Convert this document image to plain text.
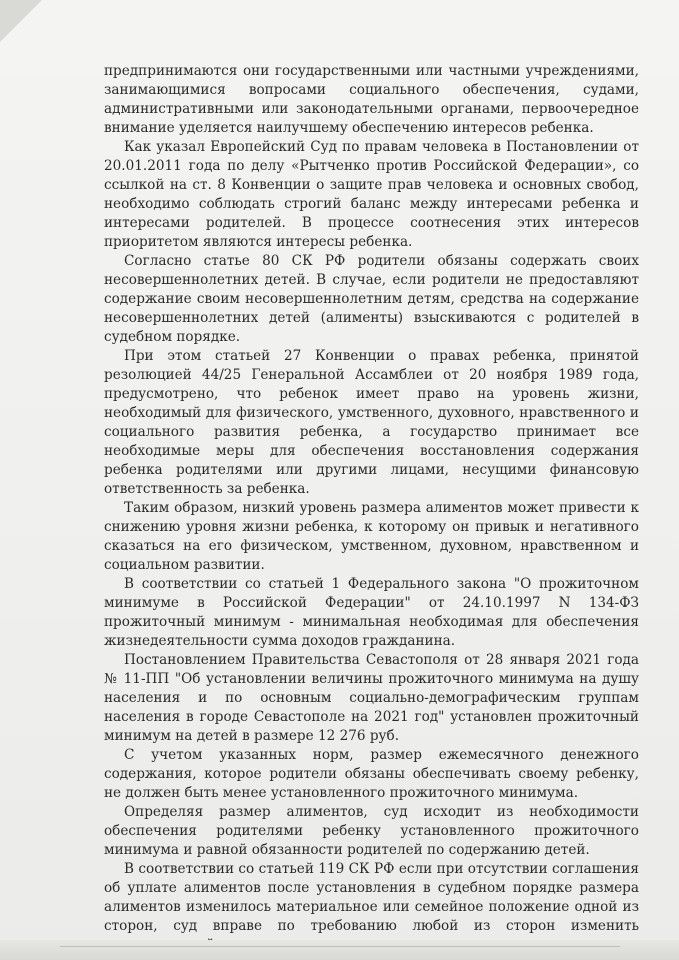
предпринимаются они государственными или частными учреждениями, занимающимися вопросами социального обеспечения, судами, административными или законодательными органами, первоочередное внимание уделяется наилучшему обеспечению интересов ребенка.

Как указал Европейский Суд по правам человека в Постановлении от 20.01.2011 года по делу «Рытченко против Российской Федерации», со ссылкой на ст. 8 Конвенции о защите прав человека и основных свобод, необходимо соблюдать строгий баланс между интересами ребенка и интересами родителей. В процессе соотнесения этих интересов приоритетом являются интересы ребенка.

Согласно статье 80 СК РФ родители обязаны содержать своих несовершеннолетних детей. В случае, если родители не предоставляют содержание своим несовершеннолетним детям, средства на содержание несовершеннолетних детей (алименты) взыскиваются с родителей в судебном порядке.

При этом статьей 27 Конвенции о правах ребенка, принятой резолюцией 44/25 Генеральной Ассамблеи от 20 ноября 1989 года, предусмотрено, что ребенок имеет право на уровень жизни, необходимый для физического, умственного, духовного, нравственного и социального развития ребенка, а государство принимает все необходимые меры для обеспечения восстановления содержания ребенка родителями или другими лицами, несущими финансовую ответственность за ребенка.

Таким образом, низкий уровень размера алиментов может привести к снижению уровня жизни ребенка, к которому он привык и негативного сказаться на его физическом, умственном, духовном, нравственном и социальном развитии.

В соответствии со статьей 1 Федерального закона "О прожиточном минимуме в Российской Федерации" от 24.10.1997 N 134-ФЗ прожиточный минимум - минимальная необходимая для обеспечения жизнедеятельности сумма доходов гражданина.

Постановлением Правительства Севастополя от 28 января 2021 года № 11-ПП "Об установлении величины прожиточного минимума на душу населения и по основным социально-демографическим группам населения в городе Севастополе на 2021 год" установлен прожиточный минимум на детей в размере 12 276 руб.

С учетом указанных норм, размер ежемесячного денежного содержания, которое родители обязаны обеспечивать своему ребенку, не должен быть менее установленного прожиточного минимума.

Определяя размер алиментов, суд исходит из необходимости обеспечения родителями ребенку установленного прожиточного минимума и равной обязанности родителей по содержанию детей.

В соответствии со статьей 119 СК РФ если при отсутствии соглашения об уплате алиментов после установления в судебном порядке размера алиментов изменилось материальное или семейное положение одной из сторон, суд вправе по требованию любой из сторон изменить
